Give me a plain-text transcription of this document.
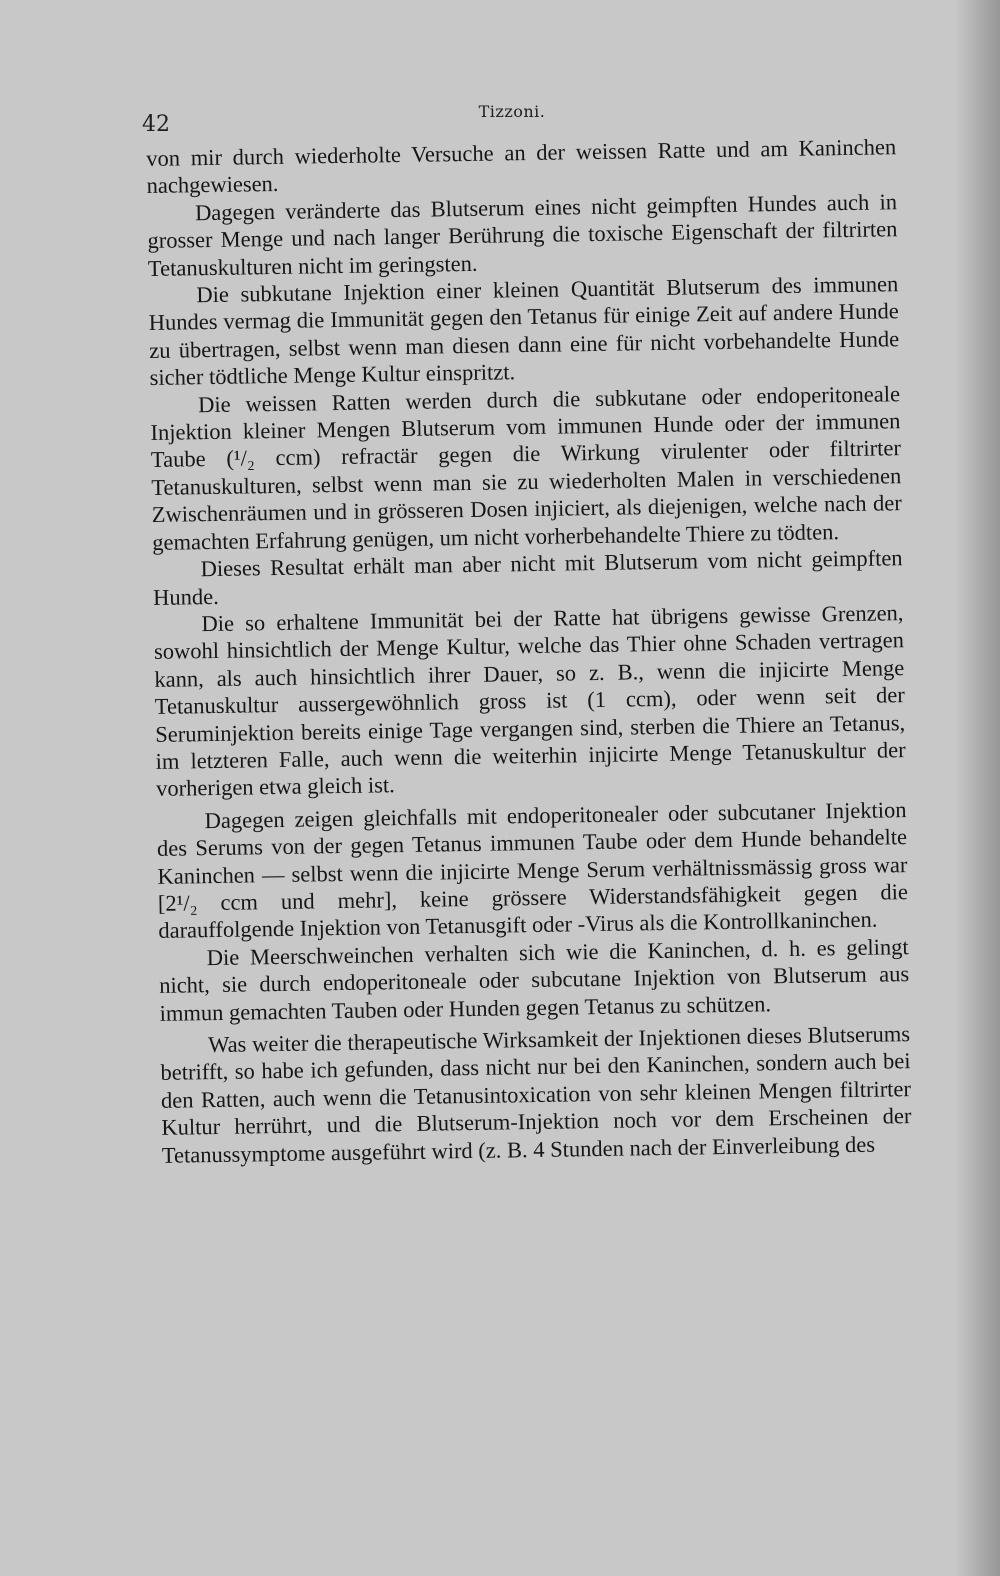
42
Tizzoni.

von mir durch wiederholte Versuche an der weissen Ratte und am Kaninchen nachgewiesen.

Dagegen veränderte das Blutserum eines nicht geimpften Hundes auch in grosser Menge und nach langer Berührung die toxische Eigenschaft der filtrirten Tetanuskulturen nicht im geringsten.

Die subkutane Injektion einer kleinen Quantität Blutserum des immunen Hundes vermag die Immunität gegen den Tetanus für einige Zeit auf andere Hunde zu übertragen, selbst wenn man diesen dann eine für nicht vorbehandelte Hunde sicher tödtliche Menge Kultur einspritzt.

Die weissen Ratten werden durch die subkutane oder endoperitoneale Injektion kleiner Mengen Blutserum vom immunen Hunde oder der immunen Taube (¹/₂ ccm) refractär gegen die Wirkung virulenter oder filtrirter Tetanuskulturen, selbst wenn man sie zu wiederholten Malen in verschiedenen Zwischenräumen und in grösseren Dosen injiciert, als diejenigen, welche nach der gemachten Erfahrung genügen, um nicht vorherbehandelte Thiere zu tödten.

Dieses Resultat erhält man aber nicht mit Blutserum vom nicht geimpften Hunde.

Die so erhaltene Immunität bei der Ratte hat übrigens gewisse Grenzen, sowohl hinsichtlich der Menge Kultur, welche das Thier ohne Schaden vertragen kann, als auch hinsichtlich ihrer Dauer, so z. B., wenn die injicirte Menge Tetanuskultur aussergewöhnlich gross ist (1 ccm), oder wenn seit der Seruminjektion bereits einige Tage vergangen sind, sterben die Thiere an Tetanus, im letzteren Falle, auch wenn die weiterhin injicirte Menge Tetanuskultur der vorherigen etwa gleich ist.

Dagegen zeigen gleichfalls mit endoperitonealer oder subcutaner Injektion des Serums von der gegen Tetanus immunen Taube oder dem Hunde behandelte Kaninchen — selbst wenn die injicirte Menge Serum verhältnissmässig gross war [2¹/₂ ccm und mehr], keine grössere Widerstandsfähigkeit gegen die darauffolgende Injektion von Tetanusgift oder -Virus als die Kontrollkaninchen.

Die Meerschweinchen verhalten sich wie die Kaninchen, d. h. es gelingt nicht, sie durch endoperitoneale oder subcutane Injektion von Blutserum aus immun gemachten Tauben oder Hunden gegen Tetanus zu schützen.

Was weiter die therapeutische Wirksamkeit der Injektionen dieses Blutserums betrifft, so habe ich gefunden, dass nicht nur bei den Kaninchen, sondern auch bei den Ratten, auch wenn die Tetanusintoxication von sehr kleinen Mengen filtrirter Kultur herrührt, und die Blutserum-Injektion noch vor dem Erscheinen der Tetanussymptome ausgeführt wird (z. B. 4 Stunden nach der Einverleibung des
